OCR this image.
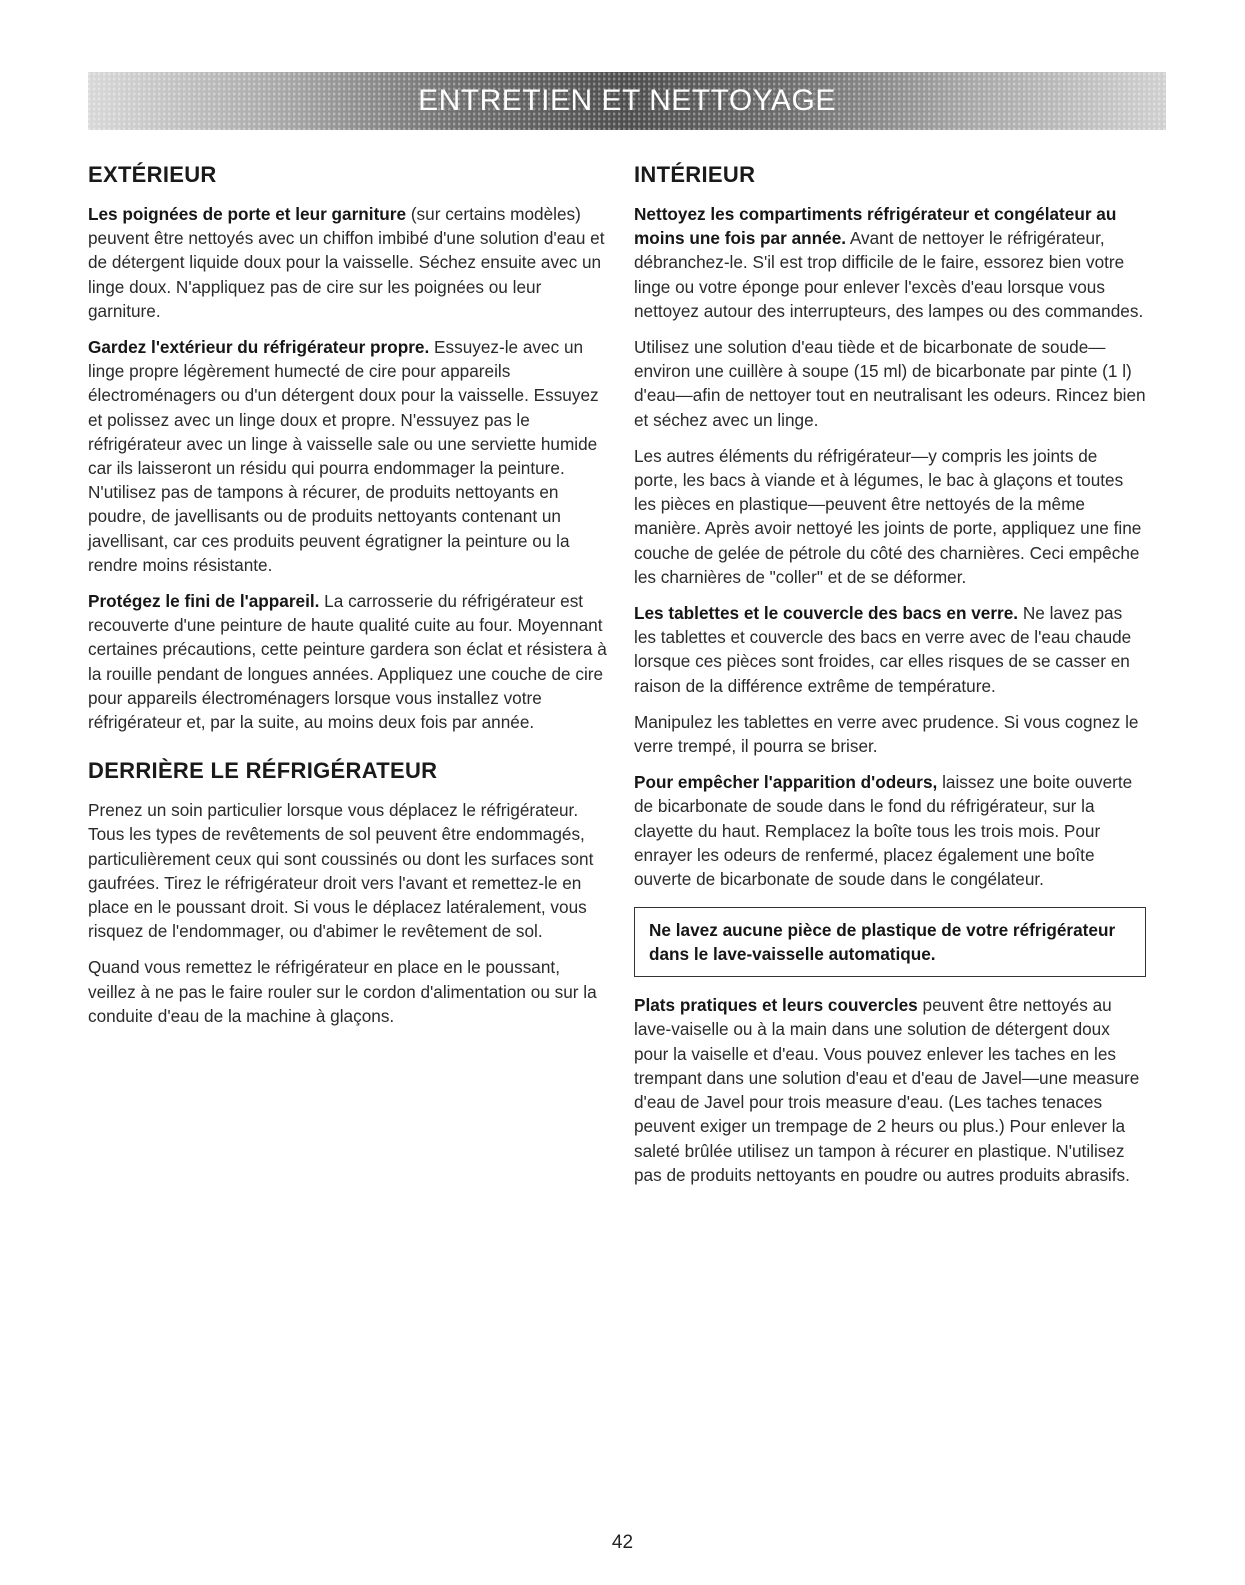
ENTRETIEN ET NETTOYAGE
EXTÉRIEUR

Les poignées de porte et leur garniture (sur certains modèles) peuvent être nettoyés avec un chiffon imbibé d'une solution d'eau et de détergent liquide doux pour la vaisselle. Séchez ensuite avec un linge doux. N'appliquez pas de cire sur les poignées ou leur garniture.

Gardez l'extérieur du réfrigérateur propre. Essuyez-le avec un linge propre légèrement humecté de cire pour appareils électroménagers ou d'un détergent doux pour la vaisselle. Essuyez et polissez avec un linge doux et propre. N'essuyez pas le réfrigérateur avec un linge à vaisselle sale ou une serviette humide car ils laisseront un résidu qui pourra endommager la peinture. N'utilisez pas de tampons à récurer, de produits nettoyants en poudre, de javellisants ou de produits nettoyants contenant un javellisant, car ces produits peuvent égratigner la peinture ou la rendre moins résistante.

Protégez le fini de l'appareil. La carrosserie du réfrigérateur est recouverte d'une peinture de haute qualité cuite au four. Moyennant certaines précautions, cette peinture gardera son éclat et résistera à la rouille pendant de longues années. Appliquez une couche de cire pour appareils électroménagers lorsque vous installez votre réfrigérateur et, par la suite, au moins deux fois par année.

DERRIÈRE LE RÉFRIGÉRATEUR

Prenez un soin particulier lorsque vous déplacez le réfrigérateur. Tous les types de revêtements de sol peuvent être endommagés, particulièrement ceux qui sont coussinés ou dont les surfaces sont gaufrées. Tirez le réfrigérateur droit vers l'avant et remettez-le en place en le poussant droit. Si vous le déplacez latéralement, vous risquez de l'endommager, ou d'abimer le revêtement de sol.

Quand vous remettez le réfrigérateur en place en le poussant, veillez à ne pas le faire rouler sur le cordon d'alimentation ou sur la conduite d'eau de la machine à glaçons.

INTÉRIEUR

Nettoyez les compartiments réfrigérateur et congélateur au moins une fois par année. Avant de nettoyer le réfrigérateur, débranchez-le. S'il est trop difficile de le faire, essorez bien votre linge ou votre éponge pour enlever l'excès d'eau lorsque vous nettoyez autour des interrupteurs, des lampes ou des commandes.

Utilisez une solution d'eau tiède et de bicarbonate de soude—environ une cuillère à soupe (15 ml) de bicarbonate par pinte (1 l) d'eau—afin de nettoyer tout en neutralisant les odeurs. Rincez bien et séchez avec un linge.

Les autres éléments du réfrigérateur—y compris les joints de porte, les bacs à viande et à légumes, le bac à glaçons et toutes les pièces en plastique—peuvent être nettoyés de la même manière. Après avoir nettoyé les joints de porte, appliquez une fine couche de gelée de pétrole du côté des charnières. Ceci empêche les charnières de "coller" et de se déformer.

Les tablettes et le couvercle des bacs en verre. Ne lavez pas les tablettes et couvercle des bacs en verre avec de l'eau chaude lorsque ces pièces sont froides, car elles risques de se casser en raison de la différence extrême de température.

Manipulez les tablettes en verre avec prudence. Si vous cognez le verre trempé, il pourra se briser.

Pour empêcher l'apparition d'odeurs, laissez une boite ouverte de bicarbonate de soude dans le fond du réfrigérateur, sur la clayette du haut. Remplacez la boîte tous les trois mois. Pour enrayer les odeurs de renfermé, placez également une boîte ouverte de bicarbonate de soude dans le congélateur.

Ne lavez aucune pièce de plastique de votre réfrigérateur dans le lave-vaisselle automatique.

Plats pratiques et leurs couvercles peuvent être nettoyés au lave-vaiselle ou à la main dans une solution de détergent doux pour la vaiselle et d'eau. Vous pouvez enlever les taches en les trempant dans une solution d'eau et d'eau de Javel—une measure d'eau de Javel pour trois measure d'eau. (Les taches tenaces peuvent exiger un trempage de 2 heurs ou plus.) Pour enlever la saleté brûlée utilisez un tampon à récurer en plastique. N'utilisez pas de produits nettoyants en poudre ou autres produits abrasifs.

42
